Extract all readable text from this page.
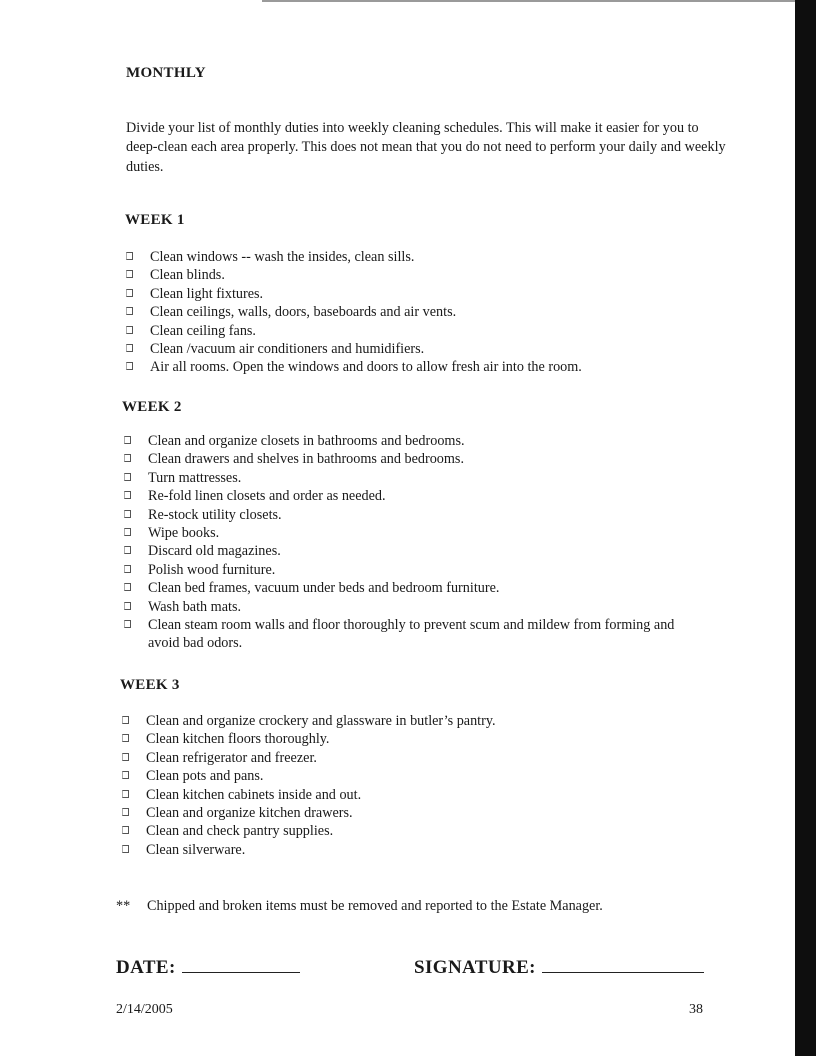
MONTHLY
Divide your list of monthly duties into weekly cleaning schedules. This will make it easier for you to deep-clean each area properly. This does not mean that you do not need to perform your daily and weekly duties.
WEEK 1
Clean windows -- wash the insides, clean sills.
Clean blinds.
Clean light fixtures.
Clean ceilings, walls, doors, baseboards and air vents.
Clean ceiling fans.
Clean /vacuum air conditioners and humidifiers.
Air all rooms. Open the windows and doors to allow fresh air into the room.
WEEK 2
Clean and organize closets in bathrooms and bedrooms.
Clean drawers and shelves in bathrooms and bedrooms.
Turn mattresses.
Re-fold linen closets and order as needed.
Re-stock utility closets.
Wipe books.
Discard old magazines.
Polish wood furniture.
Clean bed frames, vacuum under beds and bedroom furniture.
Wash bath mats.
Clean steam room walls and floor thoroughly to prevent scum and mildew from forming and avoid bad odors.
WEEK 3
Clean and organize crockery and glassware in butler’s pantry.
Clean kitchen floors thoroughly.
Clean refrigerator and freezer.
Clean pots and pans.
Clean kitchen cabinets inside and out.
Clean and organize kitchen drawers.
Clean and check pantry supplies.
Clean silverware.
** Chipped and broken items must be removed and reported to the Estate Manager.
DATE:	SIGNATURE:
2/14/2005	38
